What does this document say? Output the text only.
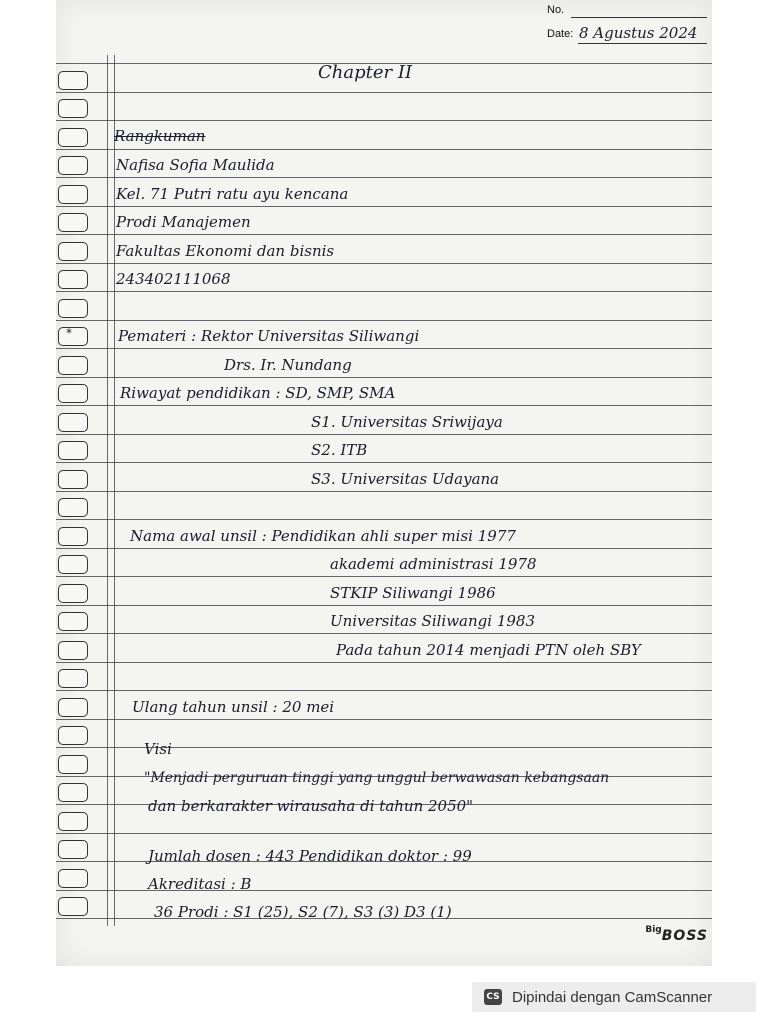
No.
Date: 8 Agustus 2024
*
Chapter II
Rangkuman
Nafisa Sofia Maulida
Kel. 71 Putri ratu ayu kencana
Prodi Manajemen
Fakultas Ekonomi dan bisnis
243402111068
Pemateri : Rektor Universitas Siliwangi
Drs. Ir. Nundang
Riwayat pendidikan : SD, SMP, SMA
S1. Universitas Sriwijaya
S2. ITB
S3. Universitas Udayana
Nama awal unsil : Pendidikan ahli super misi 1977
akademi administrasi 1978
STKIP Siliwangi 1986
Universitas Siliwangi 1983
Pada tahun 2014 menjadi PTN oleh SBY
Ulang tahun unsil : 20 mei
Visi
"Menjadi perguruan tinggi yang unggul berwawasan kebangsaan
dan berkarakter wirausaha di tahun 2050"
Jumlah dosen : 443 Pendidikan doktor : 99
Akreditasi : B
36 Prodi : S1 (25), S2 (7), S3 (3) D3 (1)
$^{Big}$BOSS
CS Dipindai dengan CamScanner
